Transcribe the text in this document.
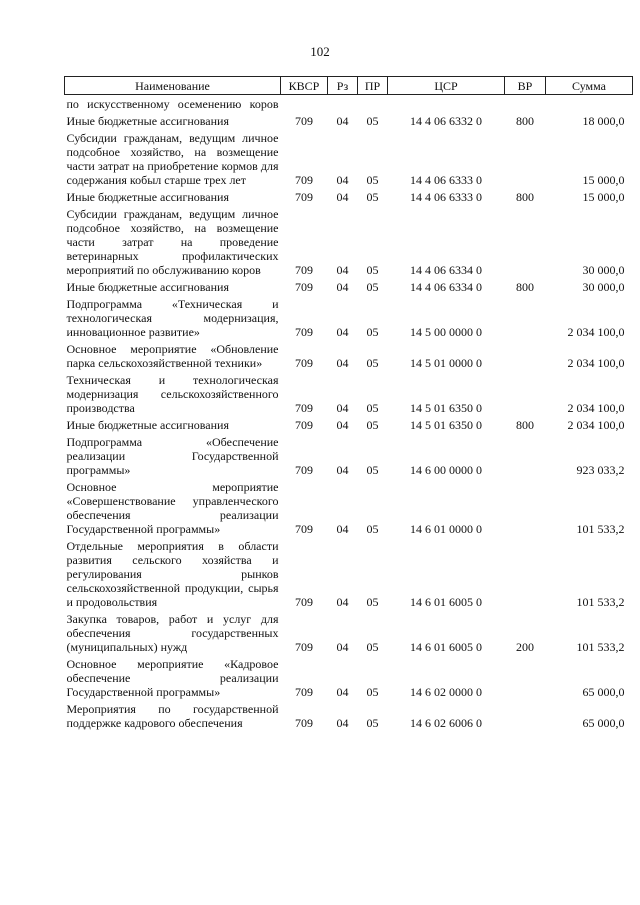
102
Наименование	КВСР	Рз	ПР	ЦСР	ВР	Сумма
по искусственному осеменению коров						
Иные бюджетные ассигнования	709	04	05	14 4 06 6332 0	800	18 000,0
Субсидии гражданам, ведущим личное подсобное хозяйство, на возмещение части затрат на приобретение кормов для содержания кобыл старше трех лет	709	04	05	14 4 06 6333 0		15 000,0
Иные бюджетные ассигнования	709	04	05	14 4 06 6333 0	800	15 000,0
Субсидии гражданам, ведущим личное подсобное хозяйство, на возмещение части затрат на проведение ветеринарных профилактических мероприятий по обслуживанию коров	709	04	05	14 4 06 6334 0		30 000,0
Иные бюджетные ассигнования	709	04	05	14 4 06 6334 0	800	30 000,0
Подпрограмма «Техническая и технологическая модернизация, инновационное развитие»	709	04	05	14 5 00 0000 0		2 034 100,0
Основное мероприятие «Обновление парка сельскохозяйственной техники»	709	04	05	14 5 01 0000 0		2 034 100,0
Техническая и технологическая модернизация сельскохозяйственного производства	709	04	05	14 5 01 6350 0		2 034 100,0
Иные бюджетные ассигнования	709	04	05	14 5 01 6350 0	800	2 034 100,0
Подпрограмма «Обеспечение реализации Государственной программы»	709	04	05	14 6 00 0000 0		923 033,2
Основное мероприятие «Совершенствование управленческого обеспечения реализации Государственной программы»	709	04	05	14 6 01 0000 0		101 533,2
Отдельные мероприятия в области развития сельского хозяйства и регулирования рынков сельскохозяйственной продукции, сырья и продовольствия	709	04	05	14 6 01 6005 0		101 533,2
Закупка товаров, работ и услуг для обеспечения государственных (муниципальных) нужд	709	04	05	14 6 01 6005 0	200	101 533,2
Основное мероприятие «Кадровое обеспечение реализации Государственной программы»	709	04	05	14 6 02 0000 0		65 000,0
Мероприятия по государственной поддержке кадрового обеспечения	709	04	05	14 6 02 6006 0		65 000,0
